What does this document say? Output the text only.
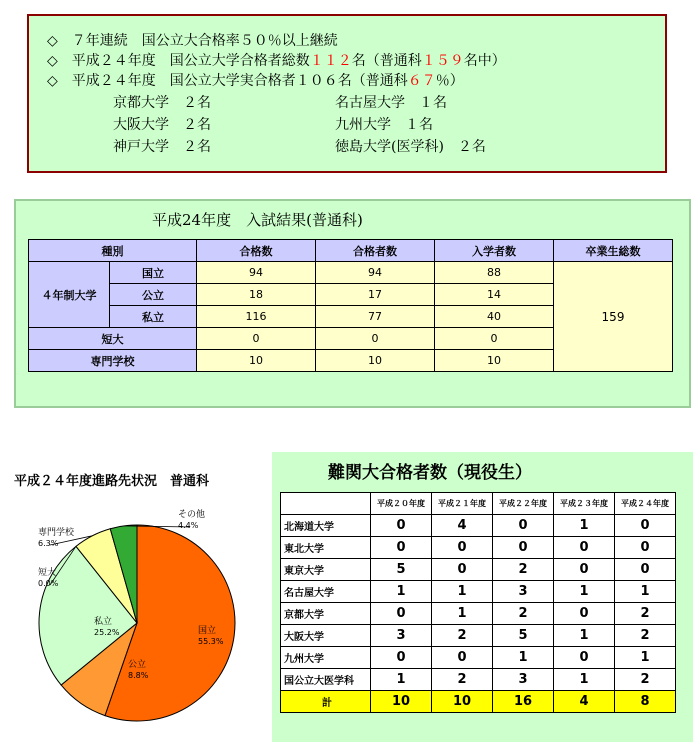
◇　７年連続　国公立大合格率５０％以上継続
◇　平成２４年度　国公立大学合格者総数１１２名（普通科１５９名中）
◇　平成２４年度　国公立大学実合格者１０６名（普通科６７％）
京都大学　２名	名古屋大学　１名
大阪大学　２名	九州大学　１名
神戸大学　２名	徳島大学(医学科)　２名
平成24年度　入試結果(普通科)
種別		合格数	合格者数	入学者数	卒業生総数
４年制大学	国立	94	94	88	159
	公立	18	17	14	
	私立	116	77	40	
短大		0	0	0	
専門学校		10	10	10	
平成２４年度進路先状況　普通科
国立
55.3%
公立
8.8%
私立
25.2%
短大
0.0%
専門学校
6.3%
その他
4.4%
難関大合格者数（現役生）
	平成２０年度	平成２１年度	平成２２年度	平成２３年度	平成２４年度
北海道大学	0	4	0	1	0
東北大学	0	0	0	0	0
東京大学	5	0	2	0	0
名古屋大学	1	1	3	1	1
京都大学	0	1	2	0	2
大阪大学	3	2	5	1	2
九州大学	0	0	1	0	1
国公立大医学科	1	2	3	1	2
計	10	10	16	4	8
